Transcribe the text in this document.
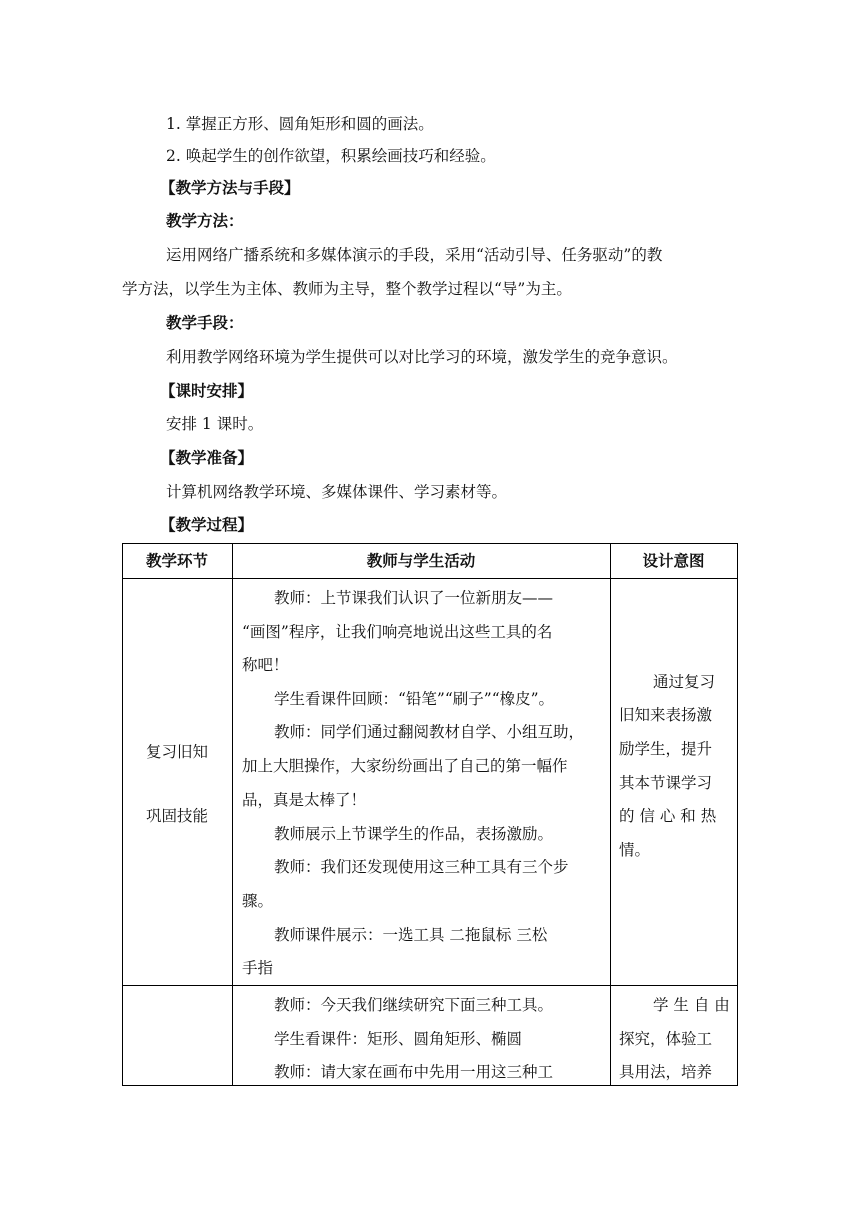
1. 掌握正方形、圆角矩形和圆的画法。
2. 唤起学生的创作欲望，积累绘画技巧和经验。
【教学方法与手段】
教学方法：
运用网络广播系统和多媒体演示的手段，采用“活动引导、任务驱动”的教
学方法，以学生为主体、教师为主导，整个教学过程以“导”为主。
教学手段：
利用教学网络环境为学生提供可以对比学习的环境，激发学生的竞争意识。
【课时安排】
安排 1 课时。
【教学准备】
计算机网络教学环境、多媒体课件、学习素材等。
【教学过程】
教学环节	教师与学生活动	设计意图
复习旧知
巩固技能
教师：上节课我们认识了一位新朋友——
“画图”程序，让我们响亮地说出这些工具的名
称吧！
学生看课件回顾：“铅笔”“刷子”“橡皮”。
教师：同学们通过翻阅教材自学、小组互助，
加上大胆操作，大家纷纷画出了自己的第一幅作
品，真是太棒了！
教师展示上节课学生的作品，表扬激励。
教师：我们还发现使用这三种工具有三个步
骤。
教师课件展示：一选工具 二拖鼠标 三松
手指
通过复习
旧知来表扬激
励学生，提升
其本节课学习
的 信 心 和 热
情。
教师：今天我们继续研究下面三种工具。
学生看课件：矩形、圆角矩形、椭圆
教师：请大家在画布中先用一用这三种工
学 生 自 由
探究，体验工
具用法，培养
